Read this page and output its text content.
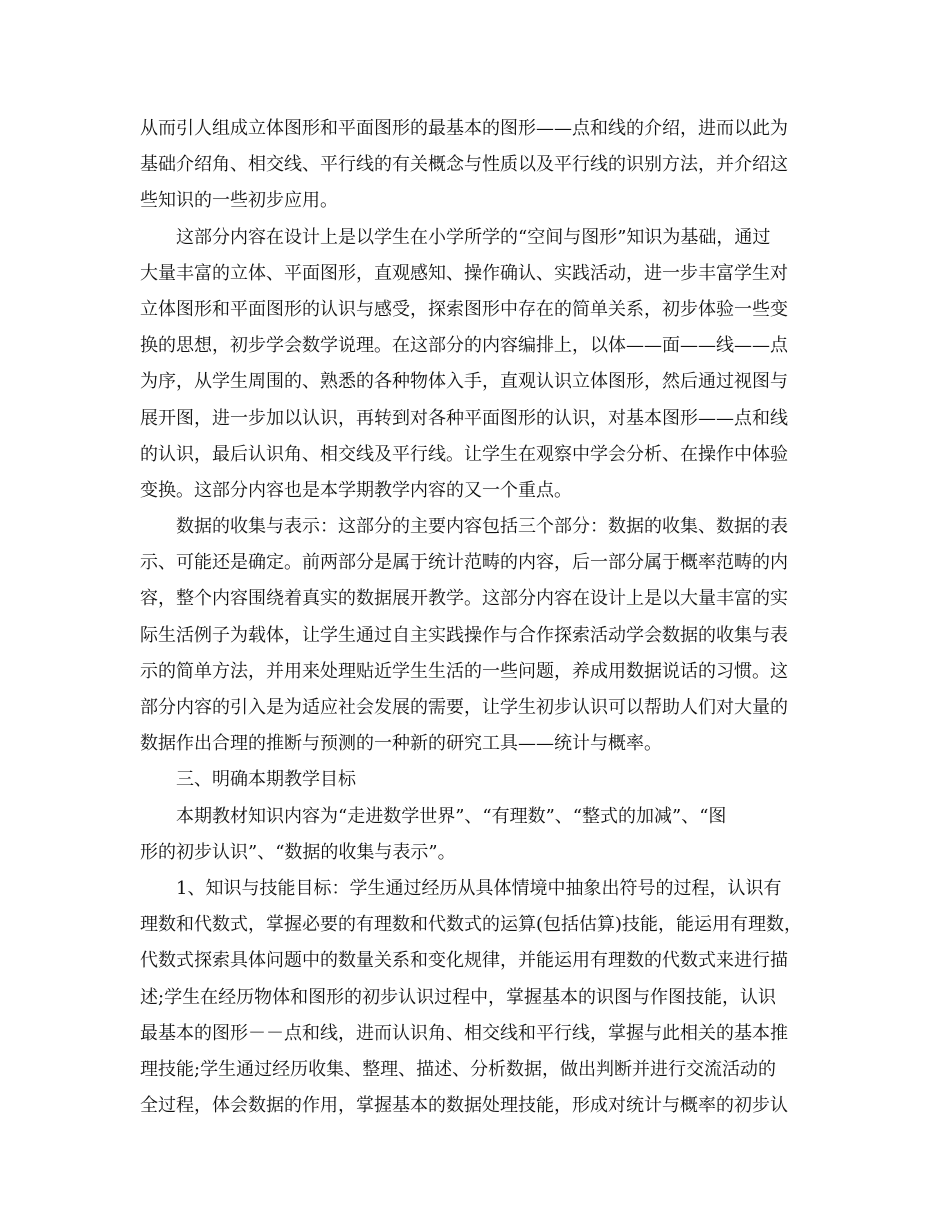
从而引人组成立体图形和平面图形的最基本的图形——点和线的介绍，进而以此为
基础介绍角、相交线、平行线的有关概念与性质以及平行线的识别方法，并介绍这
些知识的一些初步应用。
　　这部分内容在设计上是以学生在小学所学的“空间与图形”知识为基础，通过
大量丰富的立体、平面图形，直观感知、操作确认、实践活动，进一步丰富学生对
立体图形和平面图形的认识与感受，探索图形中存在的简单关系，初步体验一些变
换的思想，初步学会数学说理。在这部分的内容编排上，以体——面——线——点
为序，从学生周围的、熟悉的各种物体入手，直观认识立体图形，然后通过视图与
展开图，进一步加以认识，再转到对各种平面图形的认识，对基本图形——点和线
的认识，最后认识角、相交线及平行线。让学生在观察中学会分析、在操作中体验
变换。这部分内容也是本学期教学内容的又一个重点。
　　数据的收集与表示：这部分的主要内容包括三个部分：数据的收集、数据的表
示、可能还是确定。前两部分是属于统计范畴的内容，后一部分属于概率范畴的内
容，整个内容围绕着真实的数据展开教学。这部分内容在设计上是以大量丰富的实
际生活例子为载体，让学生通过自主实践操作与合作探索活动学会数据的收集与表
示的简单方法，并用来处理贴近学生生活的一些问题，养成用数据说话的习惯。这
部分内容的引入是为适应社会发展的需要，让学生初步认识可以帮助人们对大量的
数据作出合理的推断与预测的一种新的研究工具——统计与概率。
　　三、明确本期教学目标
　　本期教材知识内容为“走进数学世界”、“有理数”、“整式的加减”、“图
形的初步认识”、“数据的收集与表示”。
　　1、知识与技能目标：学生通过经历从具体情境中抽象出符号的过程，认识有
理数和代数式，掌握必要的有理数和代数式的运算(包括估算)技能，能运用有理数，
代数式探索具体问题中的数量关系和变化规律，并能运用有理数的代数式来进行描
述;学生在经历物体和图形的初步认识过程中，掌握基本的识图与作图技能，认识
最基本的图形－－点和线，进而认识角、相交线和平行线，掌握与此相关的基本推
理技能;学生通过经历收集、整理、描述、分析数据，做出判断并进行交流活动的
全过程，体会数据的作用，掌握基本的数据处理技能，形成对统计与概率的初步认
